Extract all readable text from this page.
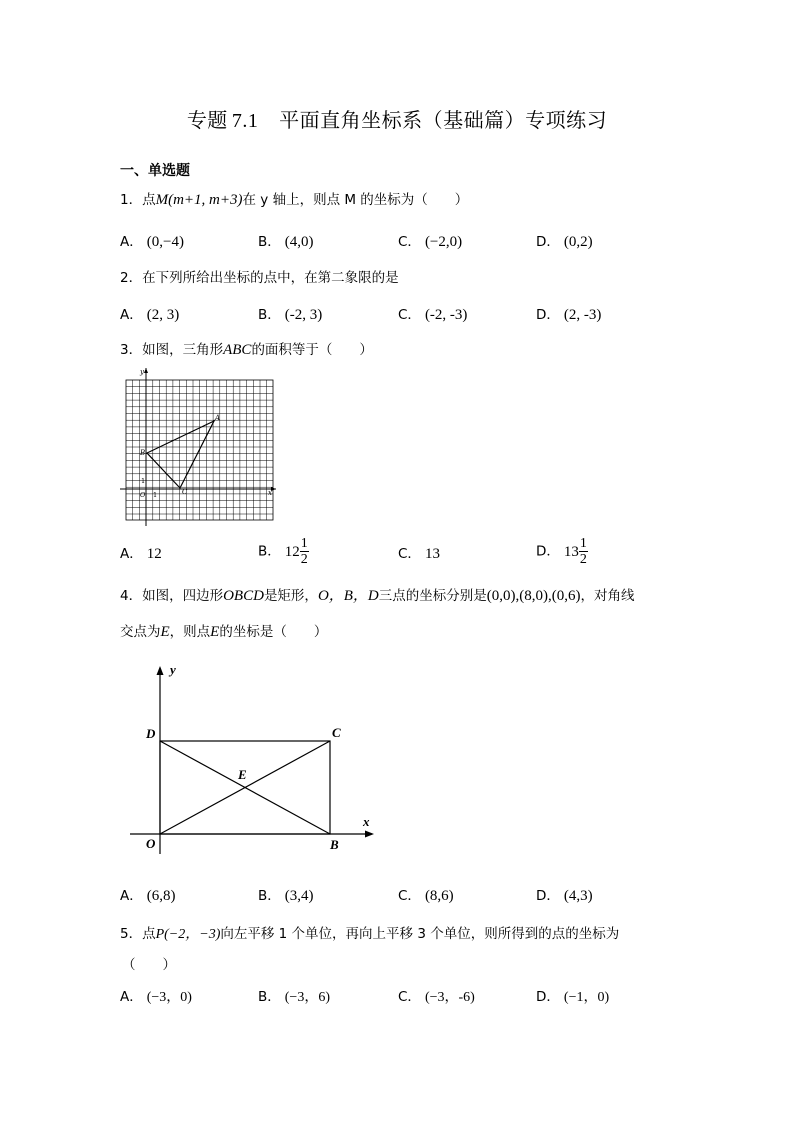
专题 7.1 平面直角坐标系（基础篇）专项练习
一、单选题
1．点M(m+1, m+3)在 y 轴上，则点 M 的坐标为（　　）
A． (0,−4)	B． (4,0)	C． (−2,0)	D． (0,2)
2．在下列所给出坐标的点中，在第二象限的是
A． (2, 3)	B． (-2, 3)	C． (-2, -3)	D． (2, -3)
3．如图，三角形ABC的面积等于（　　）
x
y
O 1
1
A
B
C
A． 12	B． $12 \frac{1}{2}$	C． 13	D． $13 \frac{1}{2}$
4．如图，四边形OBCD是矩形，O，B，D三点的坐标分别是(0,0),(8,0),(0,6)，对角线
交点为E，则点E的坐标是（　　）
y
x
D	C
E
O	B
A． (6,8)	B． (3,4)	C． (8,6)	D． (4,3)
5．点P(−2，−3)向左平移 1 个单位，再向上平移 3 个单位，则所得到的点的坐标为
（　　）
A． (−3，0)	B． (−3，6)	C． (−3，-6)	D． (−1，0)
